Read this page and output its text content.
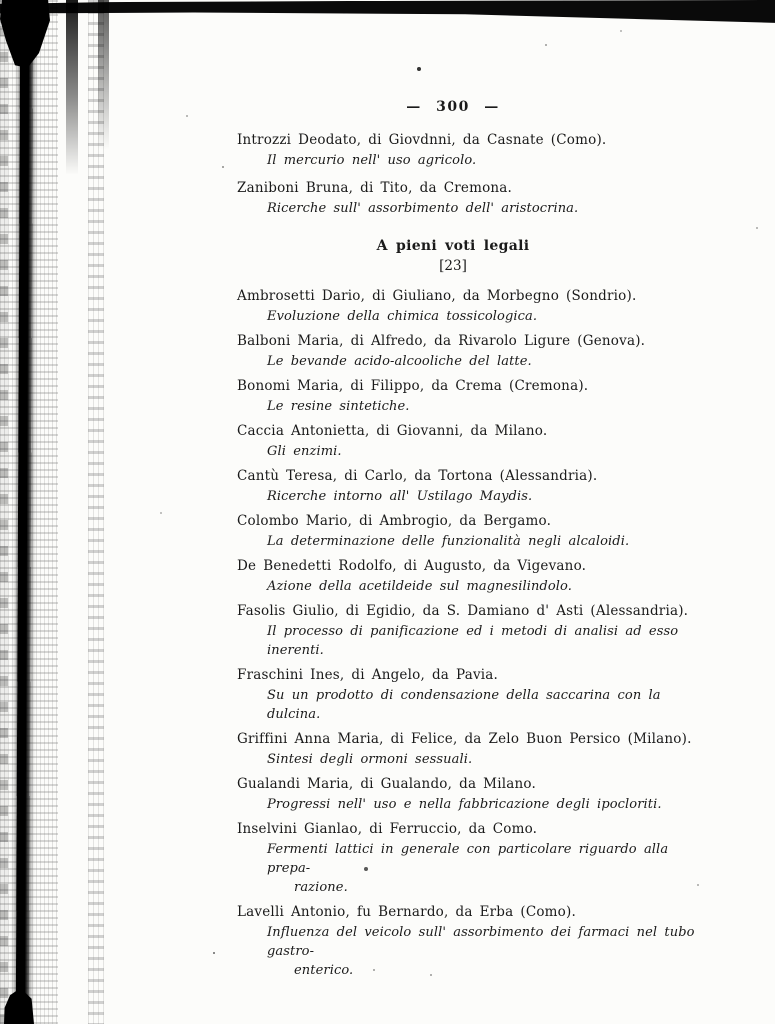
— 300 —
Introzzi Deodato, di Giovdnni, da Casnate (Como).
Il mercurio nell' uso agricolo.
Zaniboni Bruna, di Tito, da Cremona.
Ricerche sull' assorbimento dell' aristocrina.
A pieni voti legali
[23]
Ambrosetti Dario, di Giuliano, da Morbegno (Sondrio).
Evoluzione della chimica tossicologica.
Balboni Maria, di Alfredo, da Rivarolo Ligure (Genova).
Le bevande acido-alcooliche del latte.
Bonomi Maria, di Filippo, da Crema (Cremona).
Le resine sintetiche.
Caccia Antonietta, di Giovanni, da Milano.
Gli enzimi.
Cantù Teresa, di Carlo, da Tortona (Alessandria).
Ricerche intorno all' Ustilago Maydis.
Colombo Mario, di Ambrogio, da Bergamo.
La determinazione delle funzionalità negli alcaloidi.
De Benedetti Rodolfo, di Augusto, da Vigevano.
Azione della acetildeide sul magnesilindolo.
Fasolis Giulio, di Egidio, da S. Damiano d' Asti (Alessandria).
Il processo di panificazione ed i metodi di analisi ad esso inerenti.
Fraschini Ines, di Angelo, da Pavia.
Su un prodotto di condensazione della saccarina con la dulcina.
Griffini Anna Maria, di Felice, da Zelo Buon Persico (Milano).
Sintesi degli ormoni sessuali.
Gualandi Maria, di Gualando, da Milano.
Progressi nell' uso e nella fabbricazione degli ipocloriti.
Inselvini Gianlao, di Ferruccio, da Como.
Fermenti lattici in generale con particolare riguardo alla prepa-
razione.
Lavelli Antonio, fu Bernardo, da Erba (Como).
Influenza del veicolo sull' assorbimento dei farmaci nel tubo gastro-
enterico.
